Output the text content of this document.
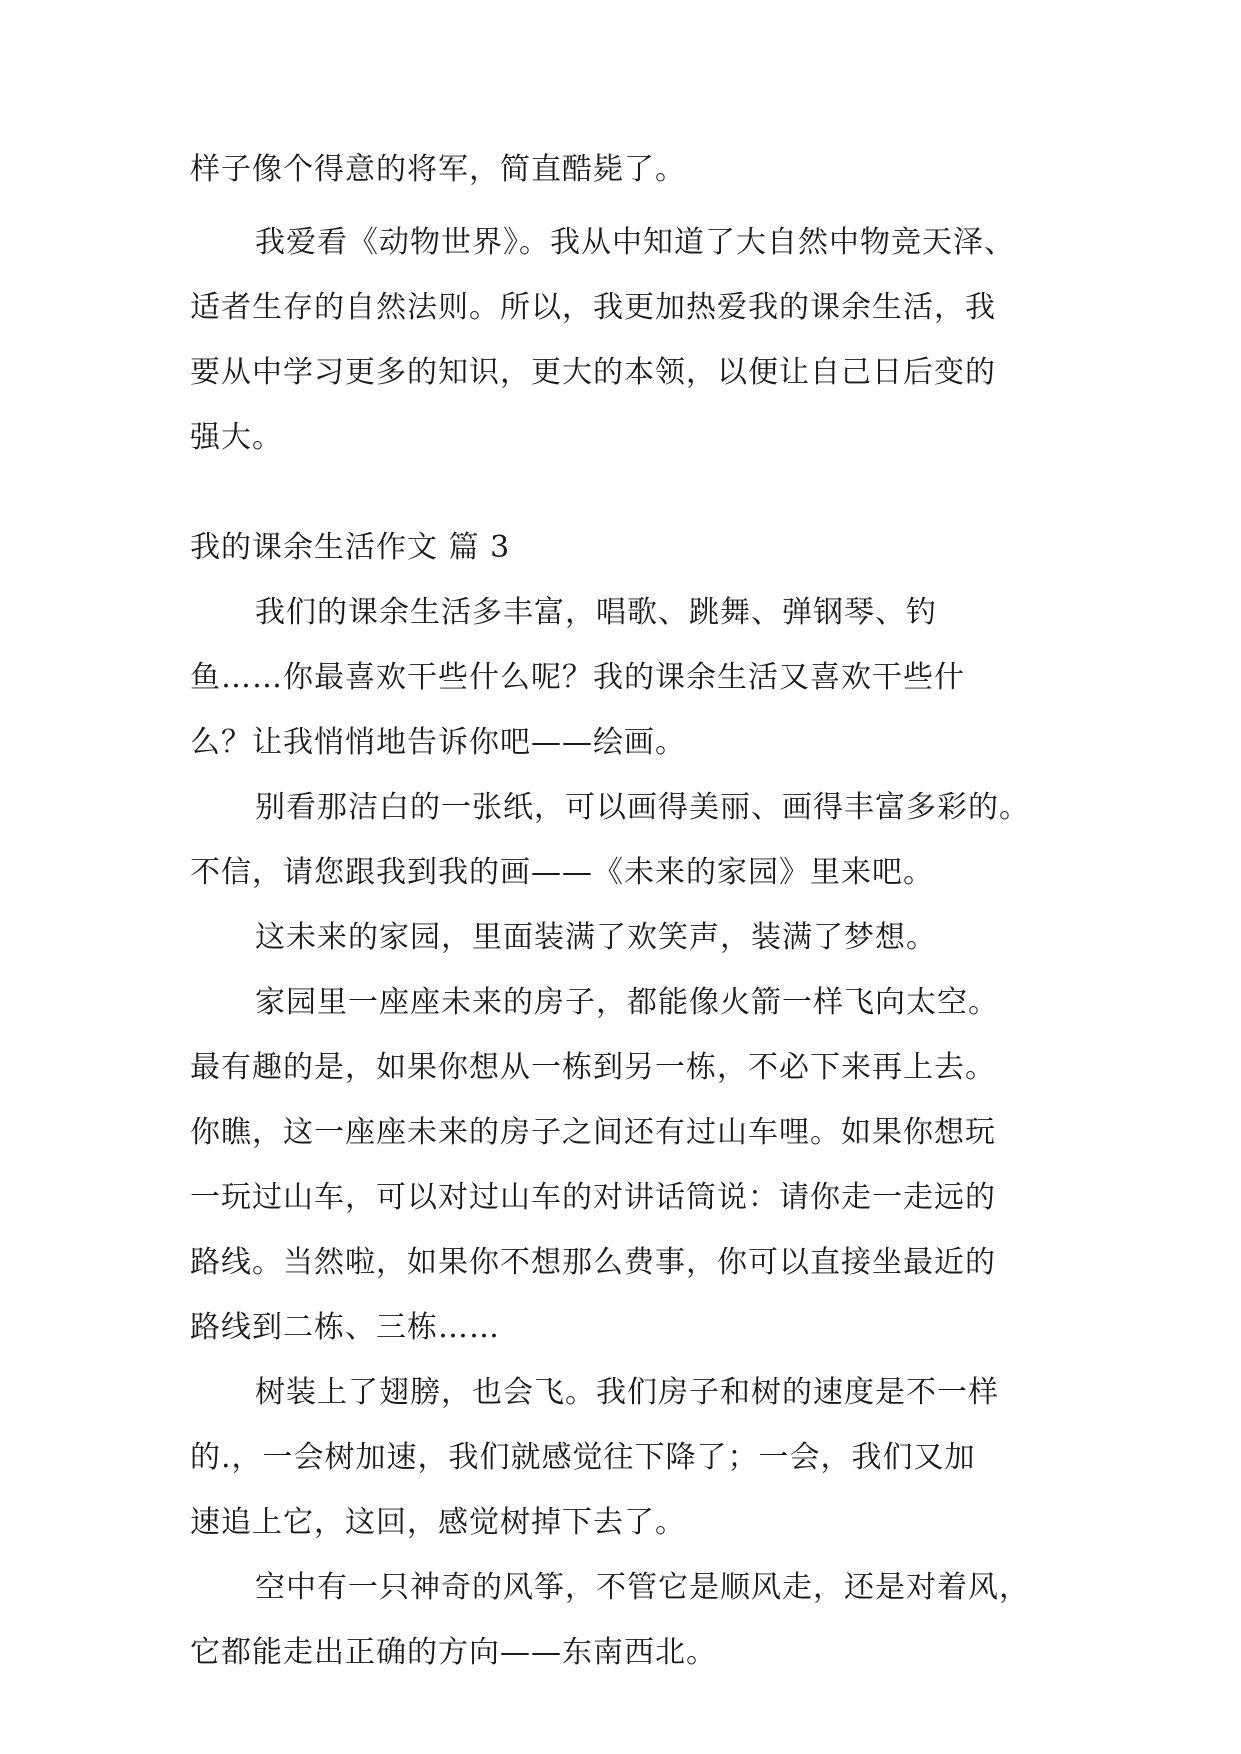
样子像个得意的将军，简直酷毙了。
我爱看《动物世界》。我从中知道了大自然中物竞天泽、
适者生存的自然法则。所以，我更加热爱我的课余生活，我
要从中学习更多的知识，更大的本领，以便让自己日后变的
强大。
我的课余生活作文 篇 3
我们的课余生活多丰富，唱歌、跳舞、弹钢琴、钓
鱼……你最喜欢干些什么呢？我的课余生活又喜欢干些什
么？让我悄悄地告诉你吧——绘画。
别看那洁白的一张纸，可以画得美丽、画得丰富多彩的。
不信，请您跟我到我的画——《未来的家园》里来吧。
这未来的家园，里面装满了欢笑声，装满了梦想。
家园里一座座未来的房子，都能像火箭一样飞向太空。
最有趣的是，如果你想从一栋到另一栋，不必下来再上去。
你瞧，这一座座未来的房子之间还有过山车哩。如果你想玩
一玩过山车，可以对过山车的对讲话筒说：请你走一走远的
路线。当然啦，如果你不想那么费事，你可以直接坐最近的
路线到二栋、三栋……
树装上了翅膀，也会飞。我们房子和树的速度是不一样
的.，一会树加速，我们就感觉往下降了；一会，我们又加
速追上它，这回，感觉树掉下去了。
空中有一只神奇的风筝，不管它是顺风走，还是对着风，
它都能走出正确的方向——东南西北。
